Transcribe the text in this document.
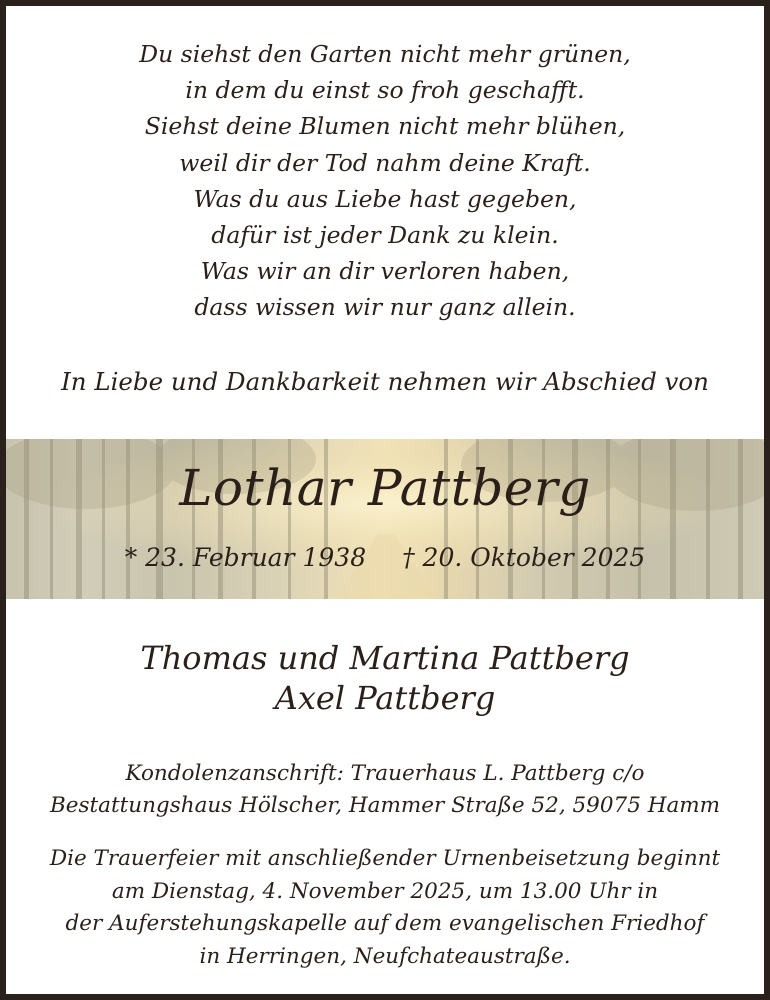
Du siehst den Garten nicht mehr grünen,
in dem du einst so froh geschafft.
Siehst deine Blumen nicht mehr blühen,
weil dir der Tod nahm deine Kraft.
Was du aus Liebe hast gegeben,
dafür ist jeder Dank zu klein.
Was wir an dir verloren haben,
dass wissen wir nur ganz allein.
In Liebe und Dankbarkeit nehmen wir Abschied von
Lothar Pattberg
* 23. Februar 1938 † 20. Oktober 2025
Thomas und Martina Pattberg
Axel Pattberg
Kondolenzanschrift: Trauerhaus L. Pattberg c/o
Bestattungshaus Hölscher, Hammer Straße 52, 59075 Hamm
Die Trauerfeier mit anschließender Urnenbeisetzung beginnt
am Dienstag, 4. November 2025, um 13.00 Uhr in
der Auferstehungskapelle auf dem evangelischen Friedhof
in Herringen, Neufchateaustraße.
